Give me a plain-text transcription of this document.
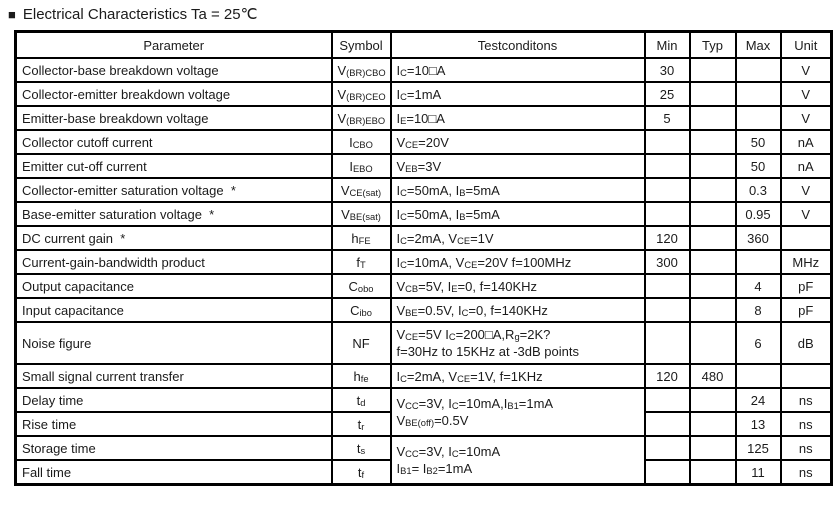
■ Electrical Characteristics Ta = 25℃
Parameter	Symbol	Testconditons	Min	Typ	Max	Unit
Collector-base breakdown voltage	$V_{(BR)CBO}$	$I_C=10□A$	30			V
Collector-emitter breakdown voltage	$V_{(BR)CEO}$	$I_C=1mA$	25			V
Emitter-base breakdown voltage	$V_{(BR)EBO}$	$I_E=10□A$	5			V
Collector cutoff current	$I_{CBO}$	$V_{CE}=20V$			50	nA
Emitter cut-off current	$I_{EBO}$	$V_{EB}=3V$			50	nA
Collector-emitter saturation voltage  *	$V_{CE(sat)}$	$I_C=50mA$, $I_B=5mA$			0.3	V
Base-emitter saturation voltage  *	$V_{BE(sat)}$	$I_C=50mA$, $I_B=5mA$			0.95	V
DC current gain  *	$h_{FE}$	$I_C=2mA$, $V_{CE}=1V$	120		360	
Current-gain-bandwidth product	$f_T$	$I_C=10mA$, $V_{CE}=20V$ f=100MHz	300			MHz
Output capacitance	$C_{obo}$	$V_{CB}=5V$, $I_E=0$, f=140KHz			4	pF
Input capacitance	$C_{ibo}$	$V_{BE}=0.5V$, $I_C=0$, f=140KHz			8	pF
Noise figure	NF	$V_{CE}=5V$ $I_C=200□A,R_g=2K$?
f=30Hz to 15KHz at -3dB points			6	dB
Small signal current transfer	$h_{fe}$	$I_C=2mA$, $V_{CE}=1V$, f=1KHz	120	480		
Delay time	$t_d$	$V_{CC}=3V$, $I_C=10mA,I_{B1}=1mA$
$V_{BE(off)}=0.5V$			24	ns
Rise time	$t_r$				13	ns
Storage time	$t_s$	$V_{CC}=3V$, $I_C=10mA$
$I_{B1}= I_{B2}=1mA$			125	ns
Fall time	$t_f$				11	ns
